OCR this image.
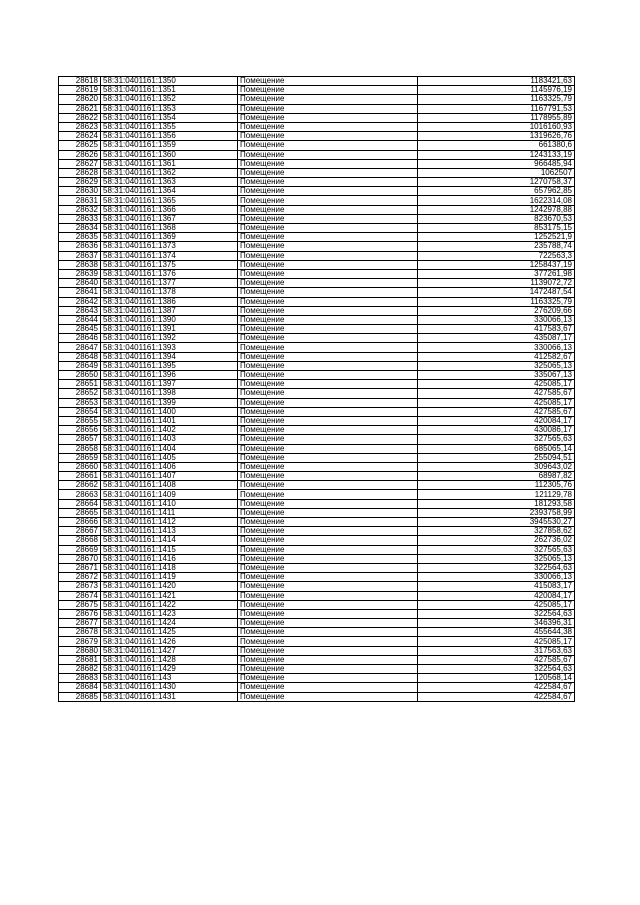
28618	58:31:0401161:1350	Помещение	1183421,63
28619	58:31:0401161:1351	Помещение	1145976,19
28620	58:31:0401161:1352	Помещение	1163325,79
28621	58:31:0401161:1353	Помещение	1167791,53
28622	58:31:0401161:1354	Помещение	1178955,89
28623	58:31:0401161:1355	Помещение	1016160,93
28624	58:31:0401161:1356	Помещение	1319626,76
28625	58:31:0401161:1359	Помещение	661380,6
28626	58:31:0401161:1360	Помещение	1243133,19
28627	58:31:0401161:1361	Помещение	966485,94
28628	58:31:0401161:1362	Помещение	1062507
28629	58:31:0401161:1363	Помещение	1270758,37
28630	58:31:0401161:1364	Помещение	657962,85
28631	58:31:0401161:1365	Помещение	1622314,08
28632	58:31:0401161:1366	Помещение	1242978,88
28633	58:31:0401161:1367	Помещение	823670,53
28634	58:31:0401161:1368	Помещение	853175,15
28635	58:31:0401161:1369	Помещение	1252521,9
28636	58:31:0401161:1373	Помещение	235788,74
28637	58:31:0401161:1374	Помещение	722563,3
28638	58:31:0401161:1375	Помещение	1258437,19
28639	58:31:0401161:1376	Помещение	377261,98
28640	58:31:0401161:1377	Помещение	1139072,72
28641	58:31:0401161:1378	Помещение	1472487,54
28642	58:31:0401161:1386	Помещение	1163325,79
28643	58:31:0401161:1387	Помещение	276209,66
28644	58:31:0401161:1390	Помещение	330066,13
28645	58:31:0401161:1391	Помещение	417583,67
28646	58:31:0401161:1392	Помещение	435087,17
28647	58:31:0401161:1393	Помещение	330066,13
28648	58:31:0401161:1394	Помещение	412582,67
28649	58:31:0401161:1395	Помещение	325065,13
28650	58:31:0401161:1396	Помещение	335067,13
28651	58:31:0401161:1397	Помещение	425085,17
28652	58:31:0401161:1398	Помещение	427585,67
28653	58:31:0401161:1399	Помещение	425085,17
28654	58:31:0401161:1400	Помещение	427585,67
28655	58:31:0401161:1401	Помещение	420084,17
28656	58:31:0401161:1402	Помещение	430086,17
28657	58:31:0401161:1403	Помещение	327565,63
28658	58:31:0401161:1404	Помещение	685065,14
28659	58:31:0401161:1405	Помещение	255094,51
28660	58:31:0401161:1406	Помещение	309643,02
28661	58:31:0401161:1407	Помещение	68987,82
28662	58:31:0401161:1408	Помещение	112305,76
28663	58:31:0401161:1409	Помещение	121129,78
28664	58:31:0401161:1410	Помещение	181293,58
28665	58:31:0401161:1411	Помещение	2393758,99
28666	58:31:0401161:1412	Помещение	3945530,27
28667	58:31:0401161:1413	Помещение	327858,62
28668	58:31:0401161:1414	Помещение	262736,02
28669	58:31:0401161:1415	Помещение	327565,63
28670	58:31:0401161:1416	Помещение	325065,13
28671	58:31:0401161:1418	Помещение	322564,63
28672	58:31:0401161:1419	Помещение	330066,13
28673	58:31:0401161:1420	Помещение	415083,17
28674	58:31:0401161:1421	Помещение	420084,17
28675	58:31:0401161:1422	Помещение	425085,17
28676	58:31:0401161:1423	Помещение	322564,63
28677	58:31:0401161:1424	Помещение	346396,31
28678	58:31:0401161:1425	Помещение	455644,38
28679	58:31:0401161:1426	Помещение	425085,17
28680	58:31:0401161:1427	Помещение	317563,63
28681	58:31:0401161:1428	Помещение	427585,67
28682	58:31:0401161:1429	Помещение	322564,63
28683	58:31:0401161:143	Помещение	120568,14
28684	58:31:0401161:1430	Помещение	422584,67
28685	58:31:0401161:1431	Помещение	422584,67
